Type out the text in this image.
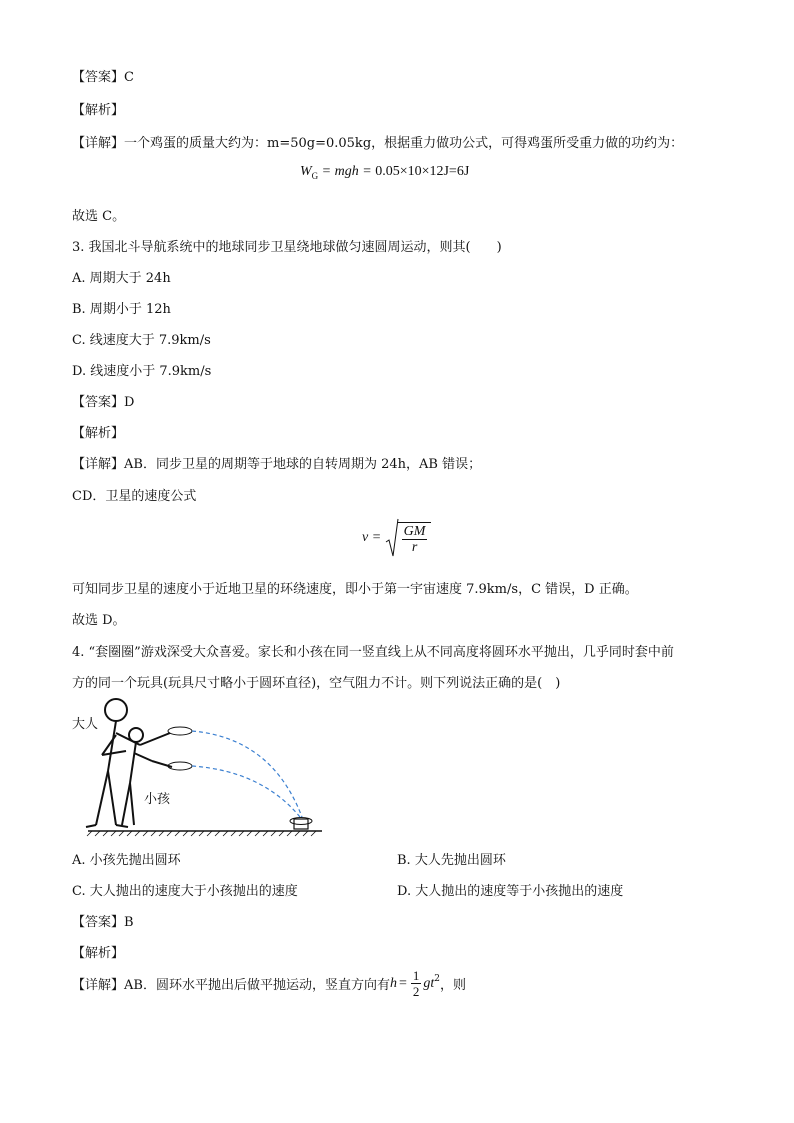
【答案】C
【解析】
【详解】一个鸡蛋的质量大约为：m=50g=0.05kg，根据重力做功公式，可得鸡蛋所受重力做的功约为：
$W_G$ = mgh = 0.05×10×12J=6J
故选 C。
3. 我国北斗导航系统中的地球同步卫星绕地球做匀速圆周运动，则其(　　)
A. 周期大于 24h
B. 周期小于 12h
C. 线速度大于 7.9km/s
D. 线速度小于 7.9km/s
【答案】D
【解析】
【详解】AB．同步卫星的周期等于地球的自转周期为 24h，AB 错误；
CD．卫星的速度公式
$v = \frac{GM}{r}$
可知同步卫星的速度小于近地卫星的环绕速度，即小于第一宇宙速度 7.9km/s，C 错误，D 正确。
故选 D。
4. “套圈圈”游戏深受大众喜爱。家长和小孩在同一竖直线上从不同高度将圆环水平抛出，几乎同时套中前
方的同一个玩具(玩具尺寸略小于圆环直径)，空气阻力不计。则下列说法正确的是(　)
大人
小孩
A. 小孩先抛出圆环	B. 大人先抛出圆环
C. 大人抛出的速度大于小孩抛出的速度	D. 大人抛出的速度等于小孩抛出的速度
【答案】B
【解析】
【详解】 AB．圆环水平抛出后做平抛运动，竖直方向有 $h = \frac{1}{2} gt^2$ ，则
